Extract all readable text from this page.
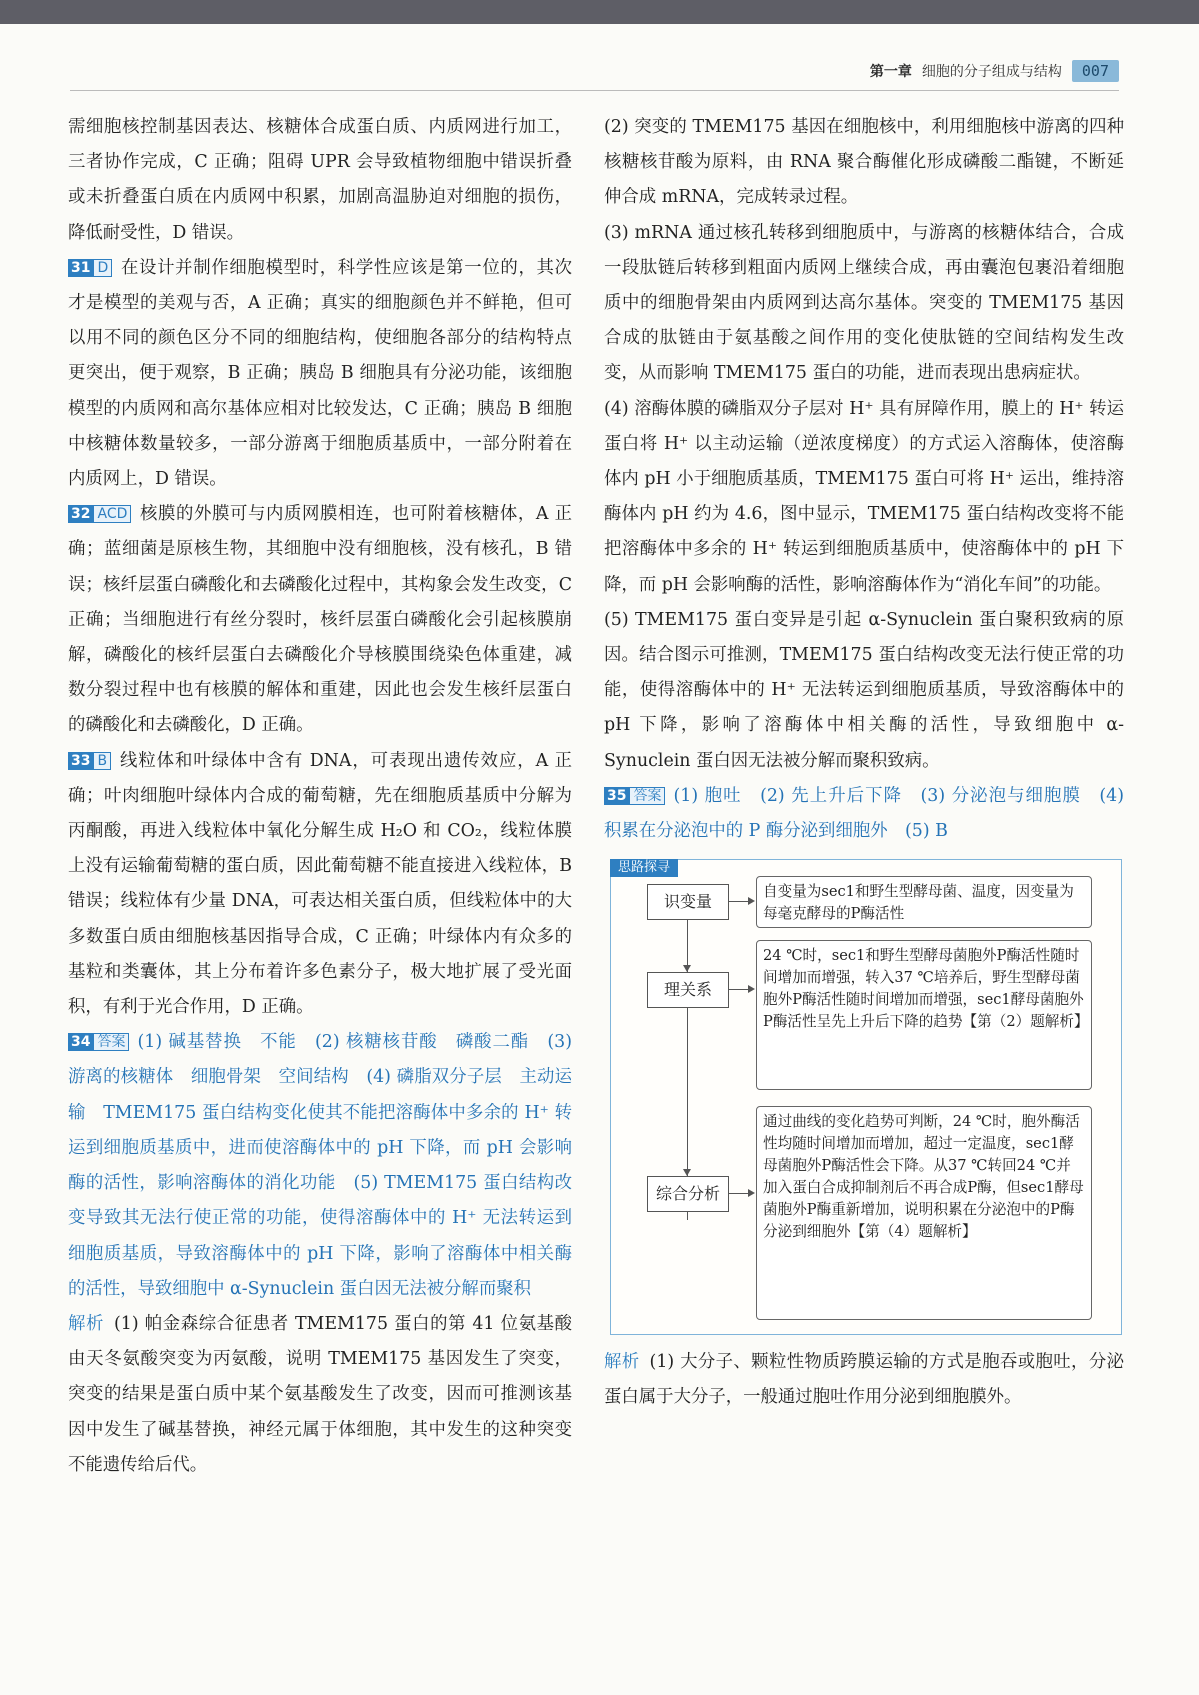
第一章 细胞的分子组成与结构	007

需细胞核控制基因表达、核糖体合成蛋白质、内质网进行加工，三者协作完成，C 正确；阻碍 UPR 会导致植物细胞中错误折叠或未折叠蛋白质在内质网中积累，加剧高温胁迫对细胞的损伤，降低耐受性，D 错误。

31 D 在设计并制作细胞模型时，科学性应该是第一位的，其次才是模型的美观与否，A 正确；真实的细胞颜色并不鲜艳，但可以用不同的颜色区分不同的细胞结构，使细胞各部分的结构特点更突出，便于观察，B 正确；胰岛 B 细胞具有分泌功能，该细胞模型的内质网和高尔基体应相对比较发达，C 正确；胰岛 B 细胞中核糖体数量较多，一部分游离于细胞质基质中，一部分附着在内质网上，D 错误。

32 ACD 核膜的外膜可与内质网膜相连，也可附着核糖体，A 正确；蓝细菌是原核生物，其细胞中没有细胞核，没有核孔，B 错误；核纤层蛋白磷酸化和去磷酸化过程中，其构象会发生改变，C 正确；当细胞进行有丝分裂时，核纤层蛋白磷酸化会引起核膜崩解，磷酸化的核纤层蛋白去磷酸化介导核膜围绕染色体重建，减数分裂过程中也有核膜的解体和重建，因此也会发生核纤层蛋白的磷酸化和去磷酸化，D 正确。

33 B 线粒体和叶绿体中含有 DNA，可表现出遗传效应，A 正确；叶肉细胞叶绿体内合成的葡萄糖，先在细胞质基质中分解为丙酮酸，再进入线粒体中氧化分解生成 H₂O 和 CO₂，线粒体膜上没有运输葡萄糖的蛋白质，因此葡萄糖不能直接进入线粒体，B 错误；线粒体有少量 DNA，可表达相关蛋白质，但线粒体中的大多数蛋白质由细胞核基因指导合成，C 正确；叶绿体内有众多的基粒和类囊体，其上分布着许多色素分子，极大地扩展了受光面积，有利于光合作用，D 正确。

34 答案 (1) 碱基替换　不能　(2) 核糖核苷酸　磷酸二酯　(3) 游离的核糖体　细胞骨架　空间结构　(4) 磷脂双分子层　主动运输　TMEM175 蛋白结构变化使其不能把溶酶体中多余的 H⁺ 转运到细胞质基质中，进而使溶酶体中的 pH 下降，而 pH 会影响酶的活性，影响溶酶体的消化功能　(5) TMEM175 蛋白结构改变导致其无法行使正常的功能，使得溶酶体中的 H⁺ 无法转运到细胞质基质，导致溶酶体中的 pH 下降，影响了溶酶体中相关酶的活性，导致细胞中 α-Synuclein 蛋白因无法被分解而聚积

解析 (1) 帕金森综合征患者 TMEM175 蛋白的第 41 位氨基酸由天冬氨酸突变为丙氨酸，说明 TMEM175 基因发生了突变，突变的结果是蛋白质中某个氨基酸发生了改变，因而可推测该基因中发生了碱基替换，神经元属于体细胞，其中发生的这种突变不能遗传给后代。

(2) 突变的 TMEM175 基因在细胞核中，利用细胞核中游离的四种核糖核苷酸为原料，由 RNA 聚合酶催化形成磷酸二酯键，不断延伸合成 mRNA，完成转录过程。

(3) mRNA 通过核孔转移到细胞质中，与游离的核糖体结合，合成一段肽链后转移到粗面内质网上继续合成，再由囊泡包裹沿着细胞质中的细胞骨架由内质网到达高尔基体。突变的 TMEM175 基因合成的肽链由于氨基酸之间作用的变化使肽链的空间结构发生改变，从而影响 TMEM175 蛋白的功能，进而表现出患病症状。

(4) 溶酶体膜的磷脂双分子层对 H⁺ 具有屏障作用，膜上的 H⁺ 转运蛋白将 H⁺ 以主动运输（逆浓度梯度）的方式运入溶酶体，使溶酶体内 pH 小于细胞质基质，TMEM175 蛋白可将 H⁺ 运出，维持溶酶体内 pH 约为 4.6，图中显示，TMEM175 蛋白结构改变将不能把溶酶体中多余的 H⁺ 转运到细胞质基质中，使溶酶体中的 pH 下降，而 pH 会影响酶的活性，影响溶酶体作为“消化车间”的功能。

(5) TMEM175 蛋白变异是引起 α-Synuclein 蛋白聚积致病的原因。结合图示可推测，TMEM175 蛋白结构改变无法行使正常的功能，使得溶酶体中的 H⁺ 无法转运到细胞质基质，导致溶酶体中的 pH 下降，影响了溶酶体中相关酶的活性，导致细胞中 α-Synuclein 蛋白因无法被分解而聚积致病。

35 答案 (1) 胞吐　(2) 先上升后下降　(3) 分泌泡与细胞膜　(4) 积累在分泌泡中的 P 酶分泌到细胞外　(5) B

思路探寻
识变量
理关系
综合分析
自变量为sec1和野生型酵母菌、温度，因变量为每毫克酵母的P酶活性
24 ℃时，sec1和野生型酵母菌胞外P酶活性随时间增加而增强，转入37 ℃培养后，野生型酵母菌胞外P酶活性随时间增加而增强，sec1酵母菌胞外P酶活性呈先上升后下降的趋势【第（2）题解析】
通过曲线的变化趋势可判断，24 ℃时，胞外酶活性均随时间增加而增加，超过一定温度，sec1酵母菌胞外P酶活性会下降。从37 ℃转回24 ℃并加入蛋白合成抑制剂后不再合成P酶，但sec1酵母菌胞外P酶重新增加，说明积累在分泌泡中的P酶分泌到细胞外【第（4）题解析】

解析 (1) 大分子、颗粒性物质跨膜运输的方式是胞吞或胞吐，分泌蛋白属于大分子，一般通过胞吐作用分泌到细胞膜外。
